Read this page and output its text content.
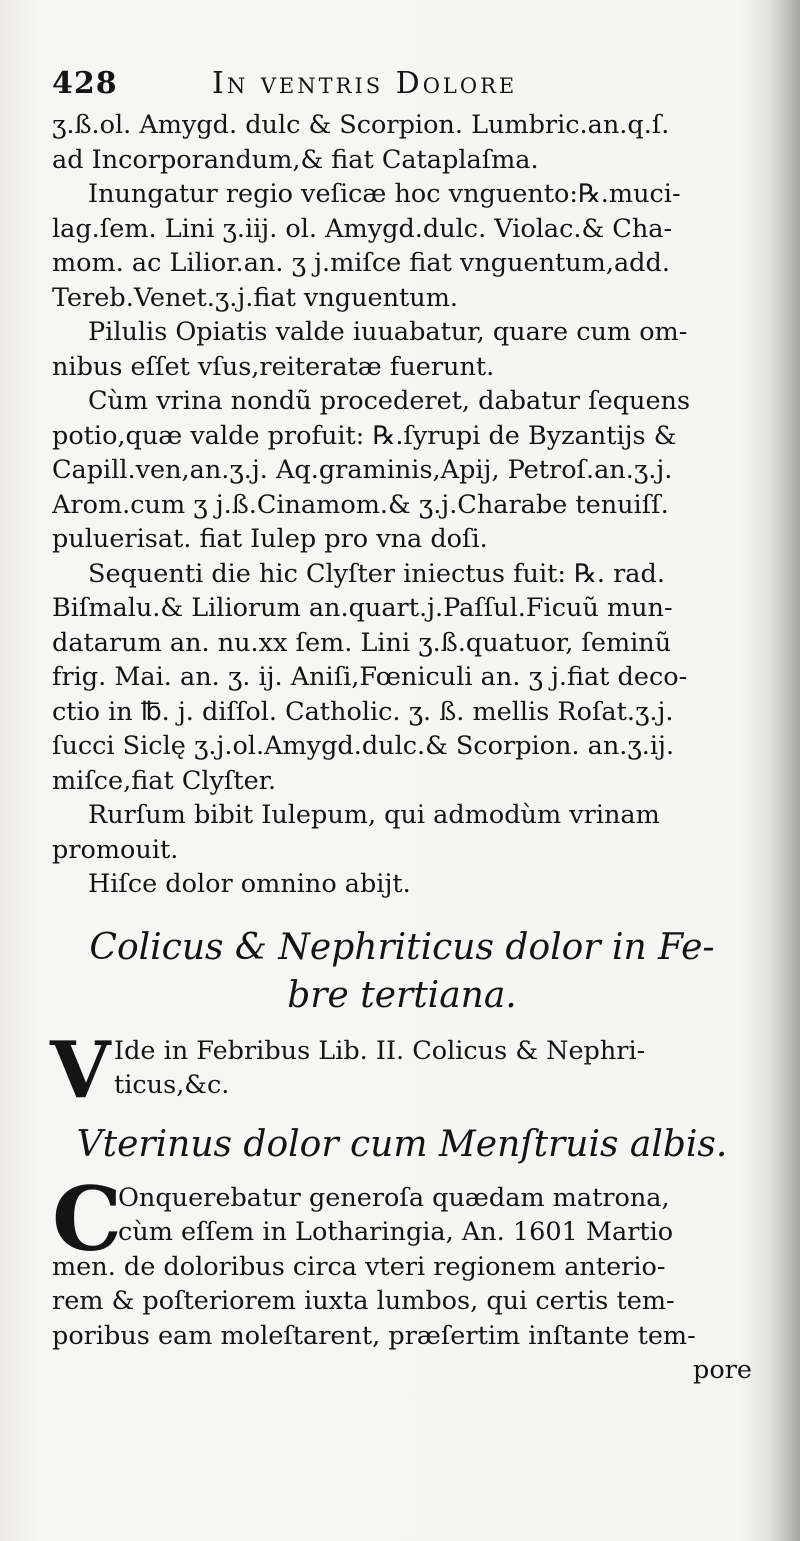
428	In ventris Dolore
ʒ.ß.ol. Amygd. dulc & Scorpion. Lumbric.an.q.ſ.
ad Incorporandum,& fiat Cataplaſma.
Inungatur regio veſicæ hoc vnguento:℞.muci-
lag.ſem. Lini ʒ.iij. ol. Amygd.dulc. Violac.& Cha-
mom. ac Lilior.an. ʒ j.miſce fiat vnguentum,add.
Tereb.Venet.ʒ.j.fiat vnguentum.
Pilulis Opiatis valde iuuabatur, quare cum om-
nibus eſſet vſus,reiteratæ fuerunt.
Cùm vrina nondũ procederet, dabatur ſequens
potio,quæ valde profuit: ℞.ſyrupi de Byzantijs &
Capill.ven,an.ʒ.j. Aq.graminis,Apij, Petroſ.an.ʒ.j.
Arom.cum ʒ j.ß.Cinamom.& ʒ.j.Charabe tenuiſſ.
puluerisat. fiat Iulep pro vna doſi.
Sequenti die hic Clyſter iniectus fuit: ℞. rad.
Biſmalu.& Liliorum an.quart.j.Paſſul.Ficuũ mun-
datarum an. nu.xx ſem. Lini ʒ.ß.quatuor, ſeminũ
frig. Mai. an. ʒ. ij. Aniſi,Fœniculi an. ʒ j.fiat deco-
ctio in ℔. j. diſſol. Catholic. ʒ. ß. mellis Roſat.ʒ.j.
ſucci Siclę ʒ.j.ol.Amygd.dulc.& Scorpion. an.ʒ.ij.
miſce,fiat Clyſter.
Rurſum bibit Iulepum, qui admodùm vrinam
promouit.
Hiſce dolor omnino abijt.
Colicus & Nephriticus dolor in Fe-
bre tertiana.
V Ide in Febribus Lib. II. Colicus & Nephri-
ticus,&c.
Vterinus dolor cum Menſtruis albis.
C
Onquerebatur generoſa quædam matrona,
cùm eſſem in Lotharingia, An. 1601 Martio
men. de doloribus circa vteri regionem anterio-
rem & poſteriorem iuxta lumbos, qui certis tem-
poribus eam moleſtarent, præſertim inſtante tem-
pore
